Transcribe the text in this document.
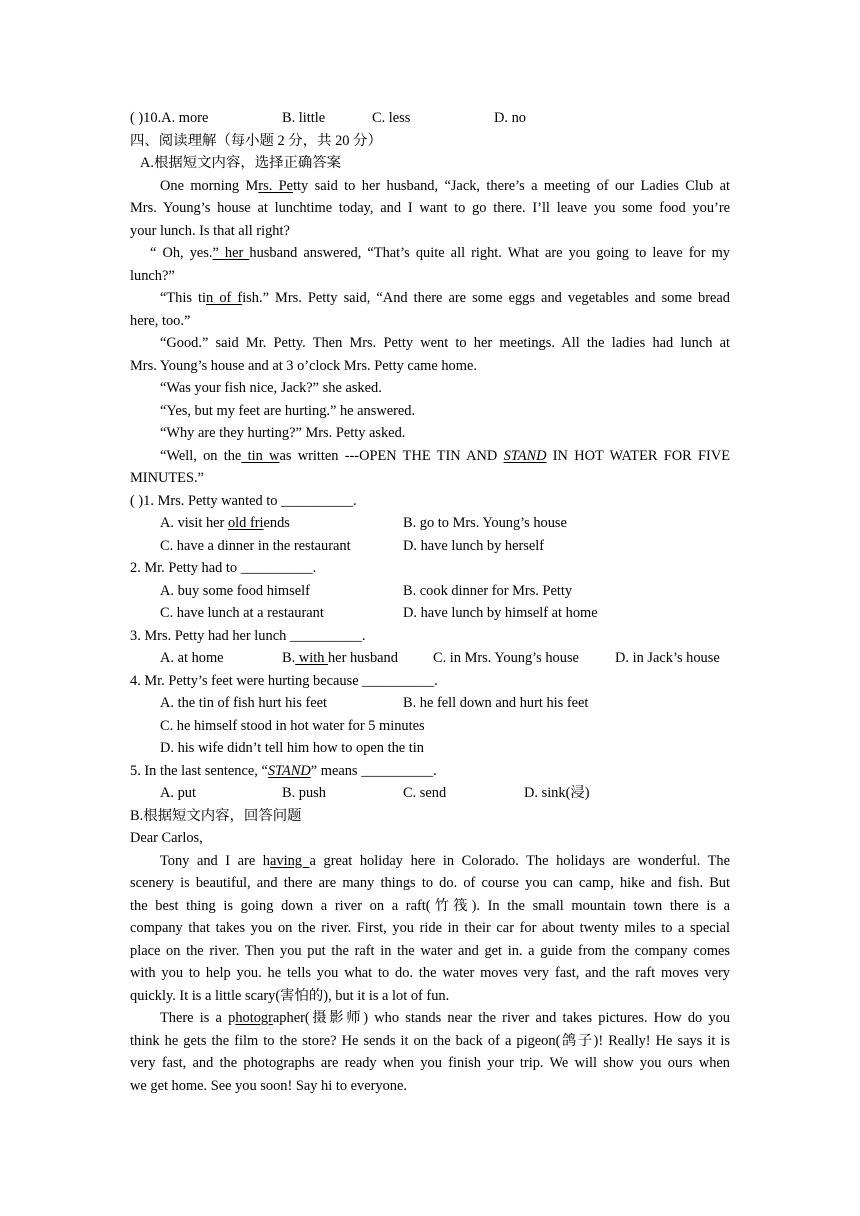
( )10.A. more	B. little	C. less	D. no
四、阅读理解（每小题 2 分，共 20 分）
A.根据短文内容，选择正确答案
One morning Mrs. Petty said to her husband, “Jack, there’s a meeting of our Ladies Club at
Mrs. Young’s house at lunchtime today, and I want to go there. I’ll leave you some food you’re
your lunch. Is that all right?
“ Oh, yes.” her husband answered, “That’s quite all right. What are you going to leave for my
lunch?”
“This tin of fish.” Mrs. Petty said, “And there are some eggs and vegetables and some bread
here, too.”
“Good.” said Mr. Petty. Then Mrs. Petty went to her meetings. All the ladies had lunch at
Mrs. Young’s house and at 3 o’clock Mrs. Petty came home.
“Was your fish nice, Jack?” she asked.
“Yes, but my feet are hurting.” he answered.
“Why are they hurting?” Mrs. Petty asked.
“Well, on the tin was written ---OPEN THE TIN AND STAND IN HOT WATER FOR FIVE
MINUTES.”
( )1. Mrs. Petty wanted to __________.
A. visit her old friends	B. go to Mrs. Young’s house
C. have a dinner in the restaurant	D. have lunch by herself
2. Mr. Petty had to __________.
A. buy some food himself	B. cook dinner for Mrs. Petty
C. have lunch at a restaurant	D. have lunch by himself at home
3. Mrs. Petty had her lunch __________.
A. at home	B. with her husband C. in Mrs. Young’s house	D. in Jack’s house
4. Mr. Petty’s feet were hurting because __________.
A. the tin of fish hurt his feet	B. he fell down and hurt his feet
C. he himself stood in hot water for 5 minutes
D. his wife didn’t tell him how to open the tin
5. In the last sentence, “STAND” means __________.
A. put	B. push	C. send	D. sink(浸)
B.根据短文内容，回答问题
Dear Carlos,
Tony and I are having a great holiday here in Colorado. The holidays are wonderful. The
scenery is beautiful, and there are many things to do. of course you can camp, hike and fish. But
the best thing is going down a river on a raft(竹筏). In the small mountain town there is a
company that takes you on the river. First, you ride in their car for about twenty miles to a special
place on the river. Then you put the raft in the water and get in. a guide from the company comes
with you to help you. he tells you what to do. the water moves very fast, and the raft moves very
quickly. It is a little scary(害怕的), but it is a lot of fun.
There is a photographer(摄影师) who stands near the river and takes pictures. How do you
think he gets the film to the store? He sends it on the back of a pigeon(鸽子)! Really! He says it is
very fast, and the photographs are ready when you finish your trip. We will show you ours when
we get home. See you soon! Say hi to everyone.
